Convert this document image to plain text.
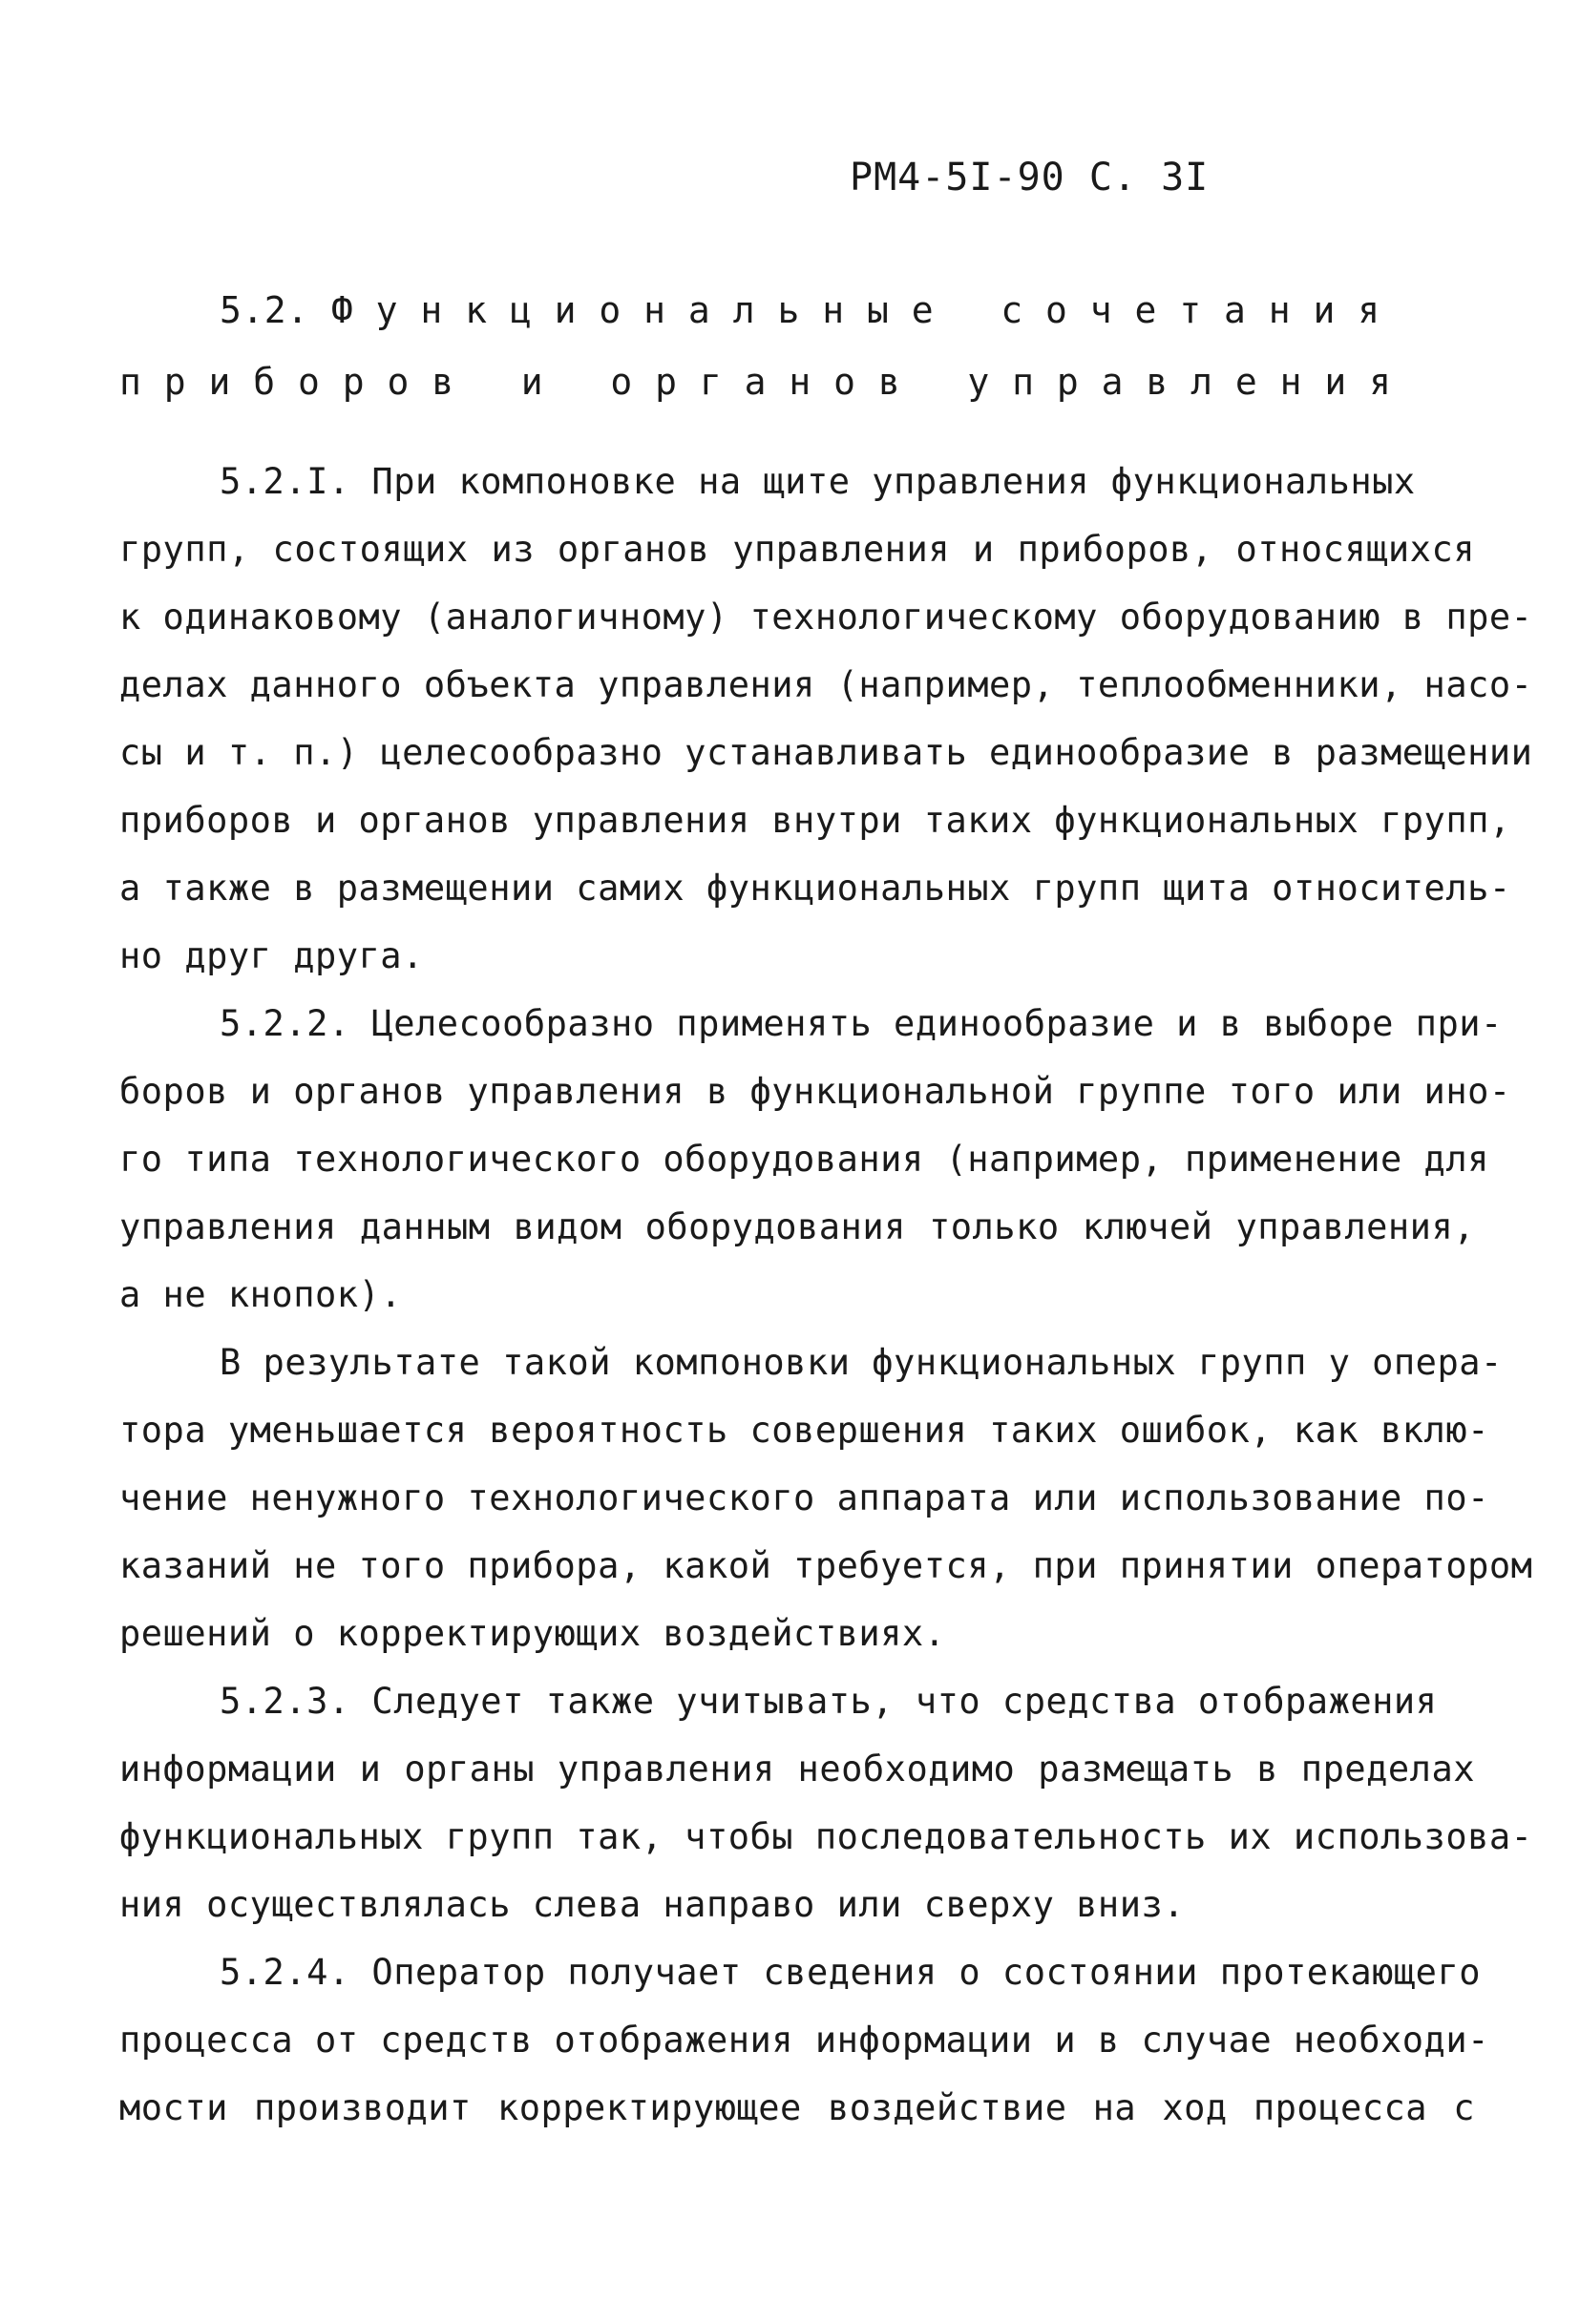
РМ4-5I-90 С. 3I
5.2. Ф у н к ц и о н а л ь н ы е   с о ч е т а н и я
п р и б о р о в   и   о р г а н о в   у п р а в л е н и я
5.2.I. При компоновке на щите управления функциональных
групп, состоящих из органов управления и приборов, относящихся
к одинаковому (аналогичному) технологическому оборудованию в пре-
делах данного объекта управления (например, теплообменники, насо-
сы и т. п.) целесообразно устанавливать единообразие в размещении
приборов и органов управления внутри таких функциональных групп,
а также в размещении самих функциональных групп щита относитель-
но друг друга.
5.2.2. Целесообразно применять единообразие и в выборе при-
боров и органов управления в функциональной группе того или ино-
го типа технологического оборудования (например, применение для
управления данным видом оборудования только ключей управления,
а не кнопок).
В результате такой компоновки функциональных групп у опера-
тора уменьшается вероятность совершения таких ошибок, как вклю-
чение ненужного технологического аппарата или использование по-
казаний не того прибора, какой требуется, при принятии оператором
решений о корректирующих воздействиях.
5.2.3. Следует также учитывать, что средства отображения
информации и органы управления необходимо размещать в пределах
функциональных групп так, чтобы последовательность их использова-
ния осуществлялась слева направо или сверху вниз.
5.2.4. Оператор получает сведения о состоянии протекающего
процесса от средств отображения информации и в случае необходи-
мости производит корректирующее воздействие на ход процесса с
